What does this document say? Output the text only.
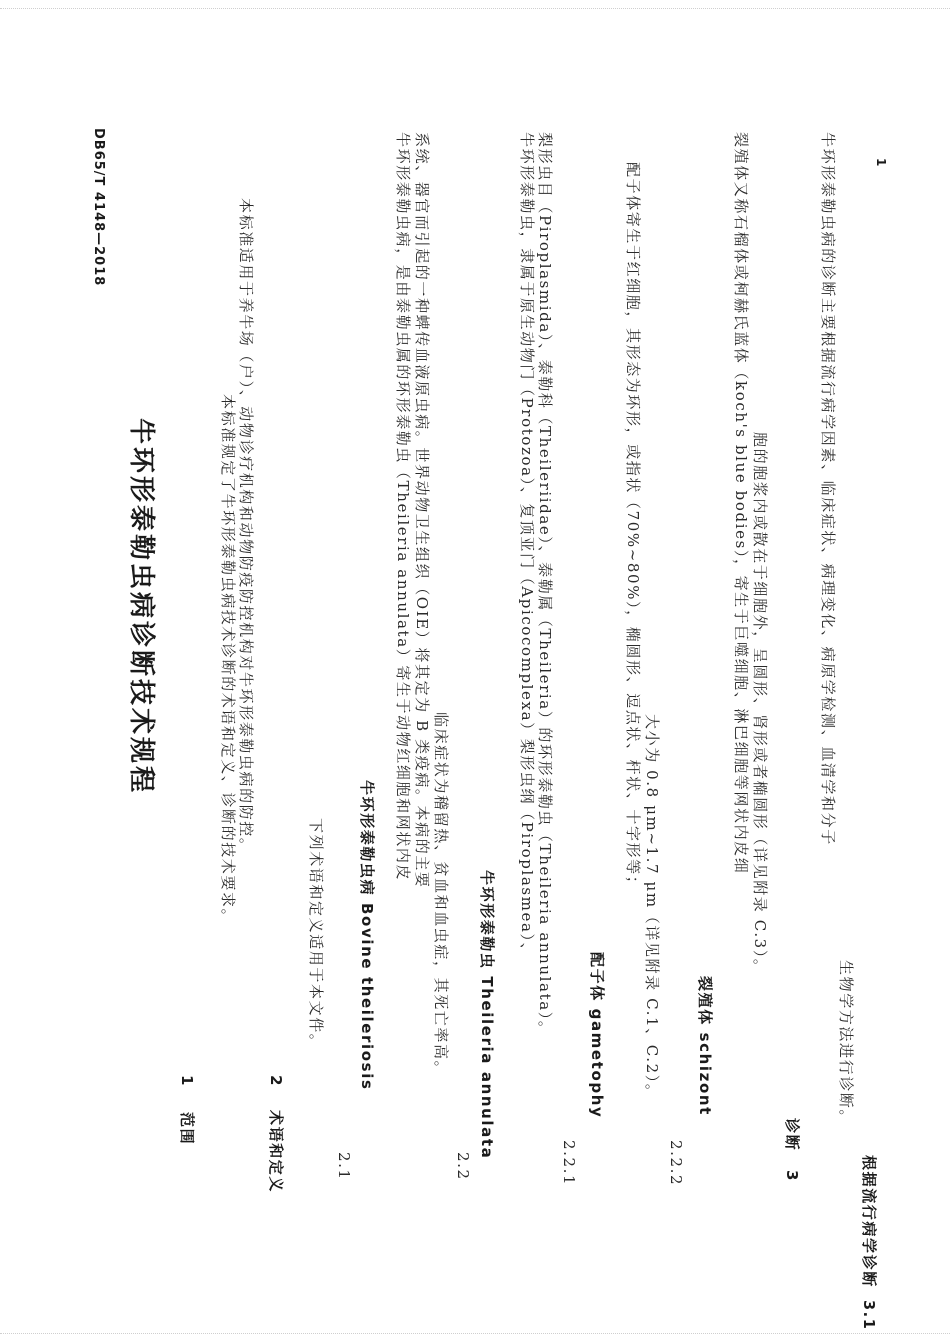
DB65/T 4148—2018	1
牛环形泰勒虫病诊断技术规程
1
范围
本标准规定了牛环形泰勒虫病技术诊断的术语和定义、诊断的技术要求。 本标准适用于养牛场（户）、动物诊疗机构和动物防疫防控机构对牛环形泰勒虫病的防控。
2
术语和定义
下列术语和定义适用于本文件。
2.1
牛环形泰勒虫病 Bovine theileriosis
牛环形泰勒虫病，是由泰勒虫属的环形泰勒虫（Theileria annulata）寄生于动物红细胞和网状内皮 系统、器官而引起的一种蜱传血液原虫病。世界动物卫生组织（OIE）将其定为 B 类疫病。本病的主要
临床症状为稽留热、贫血和血虫症，其死亡率高。
2.2
牛环形泰勒虫 Theileria annulata
牛环形泰勒虫，隶属于原生动物门（Protozoa）、复顶亚门（Apicocomplexa）梨形虫纲（Piroplasmea）、 梨形虫目（Piroplasmida）、泰勒科（Theileriidae）、泰勒属（Theileria）的环形泰勒虫（Theileria annulata）。
2.2.1
配子体 gametophy
配子体寄生于红细胞，其形态为环形，或指状（70%~80%），椭圆形、逗点状、杆状、十字形等；
大小为 0.8 μm~1.7 μm（详见附录 C.1、C.2）。
2.2.2
裂殖体 schizont
裂殖体又称石榴体或柯赫氏蓝体（koch's blue bodies），寄生于巨噬细胞、淋巴细胞等网状内皮细 胞的胞浆内或散在于细胞外，呈圆形、肾形或者椭圆形（详见附录 C.3）。
3
诊断
牛环形泰勒虫病的诊断主要根据流行病学因素、临床症状、病理变化、病原学检测、血清学和分子
生物学方法进行诊断。
3.1
根据流行病学诊断
